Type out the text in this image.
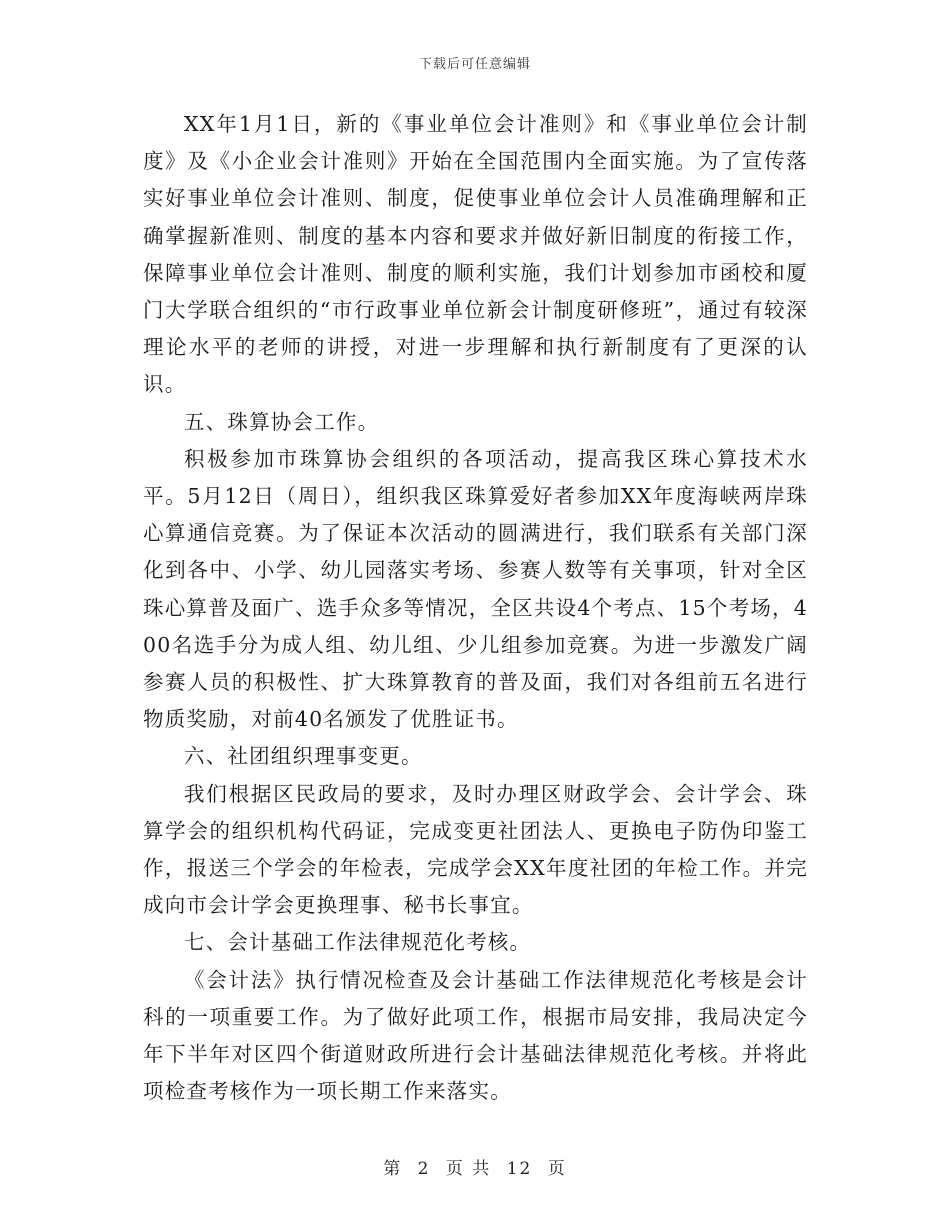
下载后可任意编辑

XX年1月1日，新的《事业单位会计准则》和《事业单位会计制度》及《小企业会计准则》开始在全国范围内全面实施。为了宣传落实好事业单位会计准则、制度，促使事业单位会计人员准确理解和正确掌握新准则、制度的基本内容和要求并做好新旧制度的衔接工作，保障事业单位会计准则、制度的顺利实施，我们计划参加市函校和厦门大学联合组织的“市行政事业单位新会计制度研修班”，通过有较深理论水平的老师的讲授，对进一步理解和执行新制度有了更深的认识。

五、珠算协会工作。

积极参加市珠算协会组织的各项活动，提高我区珠心算技术水平。5月12日（周日），组织我区珠算爱好者参加XX年度海峡两岸珠心算通信竞赛。为了保证本次活动的圆满进行，我们联系有关部门深化到各中、小学、幼儿园落实考场、参赛人数等有关事项，针对全区珠心算普及面广、选手众多等情况，全区共设4个考点、15个考场，400名选手分为成人组、幼儿组、少儿组参加竞赛。为进一步激发广阔参赛人员的积极性、扩大珠算教育的普及面，我们对各组前五名进行物质奖励，对前40名颁发了优胜证书。

六、社团组织理事变更。

我们根据区民政局的要求，及时办理区财政学会、会计学会、珠算学会的组织机构代码证，完成变更社团法人、更换电子防伪印鉴工作，报送三个学会的年检表，完成学会XX年度社团的年检工作。并完成向市会计学会更换理事、秘书长事宜。

七、会计基础工作法律规范化考核。

《会计法》执行情况检查及会计基础工作法律规范化考核是会计科的一项重要工作。为了做好此项工作，根据市局安排，我局决定今年下半年对区四个街道财政所进行会计基础法律规范化考核。并将此项检查考核作为一项长期工作来落实。

第 2 页 共 12 页
